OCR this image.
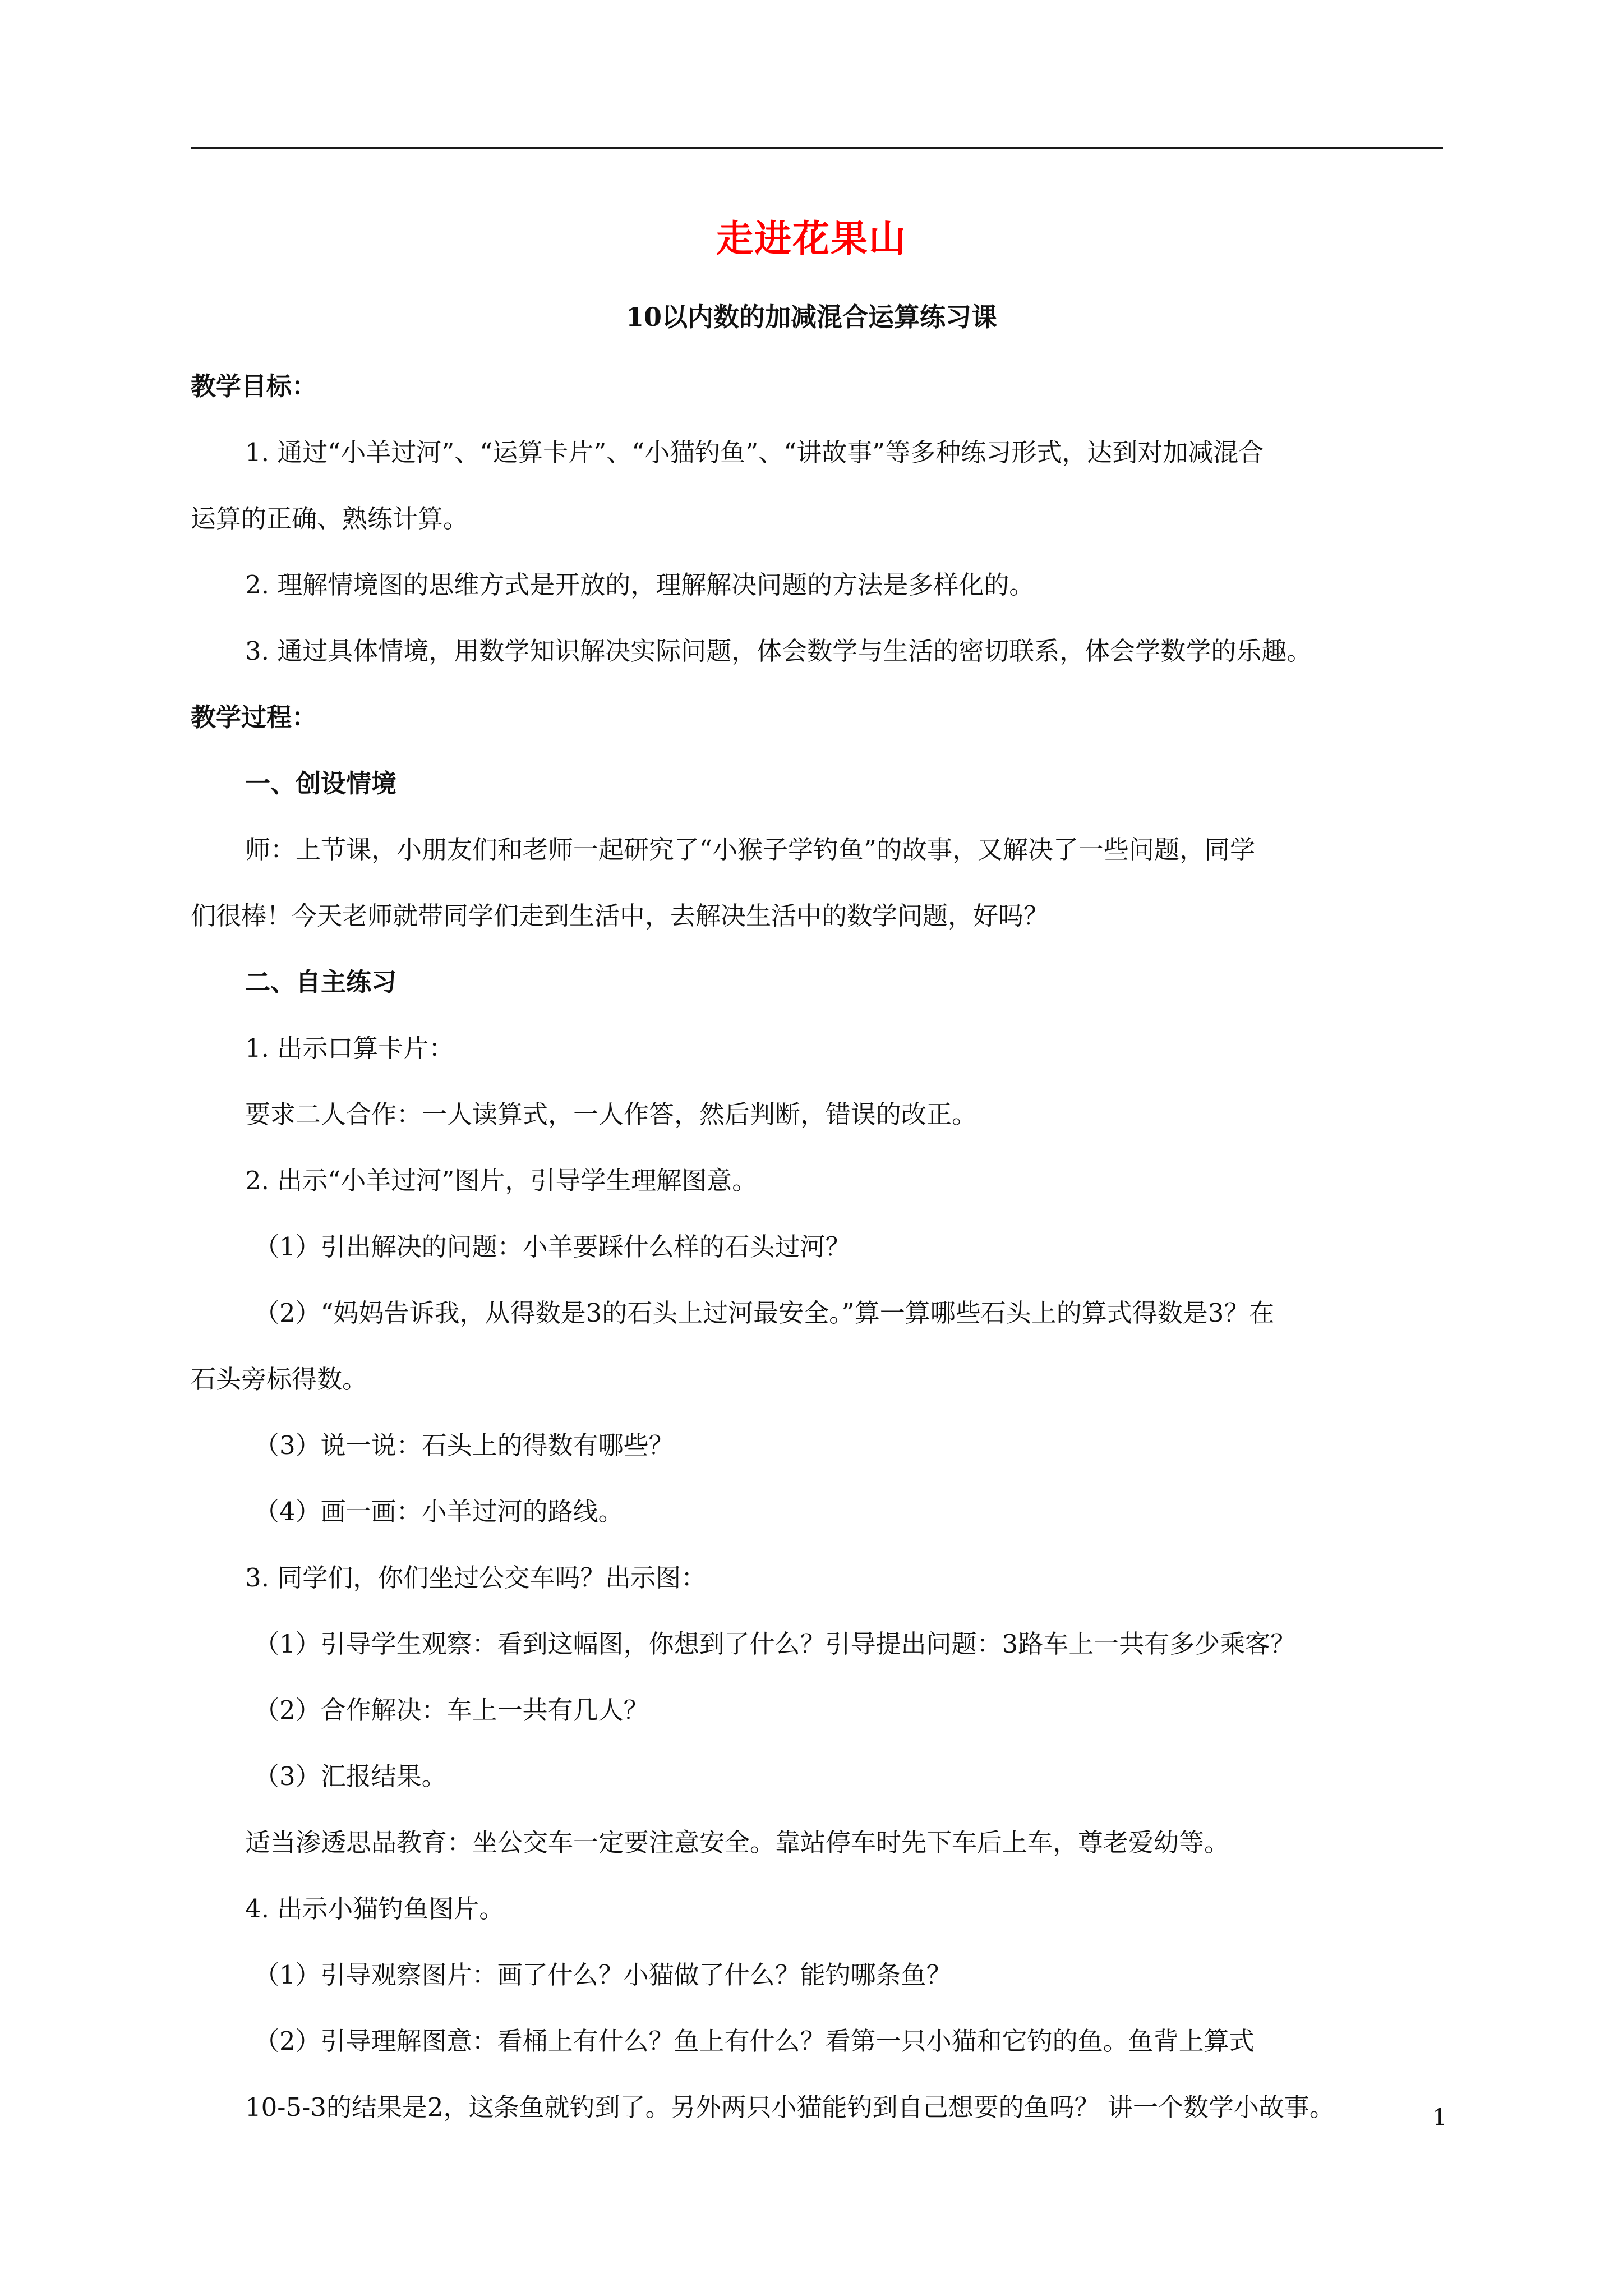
走进花果山
10以内数的加减混合运算练习课
教学目标：
1. 通过“小羊过河”、“运算卡片”、“小猫钓鱼”、“讲故事”等多种练习形式，达到对加减混合
运算的正确、熟练计算。
2. 理解情境图的思维方式是开放的，理解解决问题的方法是多样化的。
3. 通过具体情境，用数学知识解决实际问题，体会数学与生活的密切联系，体会学数学的乐趣。
教学过程：
一、创设情境
师：上节课，小朋友们和老师一起研究了“小猴子学钓鱼”的故事，又解决了一些问题，同学
们很棒！今天老师就带同学们走到生活中，去解决生活中的数学问题，好吗？
二、自主练习
1. 出示口算卡片：
要求二人合作：一人读算式，一人作答，然后判断，错误的改正。
2. 出示“小羊过河”图片，引导学生理解图意。
（1）引出解决的问题：小羊要踩什么样的石头过河？
（2）“妈妈告诉我，从得数是3的石头上过河最安全。”算一算哪些石头上的算式得数是3？在
石头旁标得数。
（3）说一说：石头上的得数有哪些？
（4）画一画：小羊过河的路线。
3. 同学们，你们坐过公交车吗？出示图：
（1）引导学生观察：看到这幅图，你想到了什么？引导提出问题：3路车上一共有多少乘客？
（2）合作解决：车上一共有几人？
（3）汇报结果。
适当渗透思品教育：坐公交车一定要注意安全。靠站停车时先下车后上车，尊老爱幼等。
4. 出示小猫钓鱼图片。
（1）引导观察图片：画了什么？小猫做了什么？能钓哪条鱼？
（2）引导理解图意：看桶上有什么？鱼上有什么？看第一只小猫和它钓的鱼。鱼背上算式
10-5-3的结果是2，这条鱼就钓到了。另外两只小猫能钓到自己想要的鱼吗？ 讲一个数学小故事。	1
